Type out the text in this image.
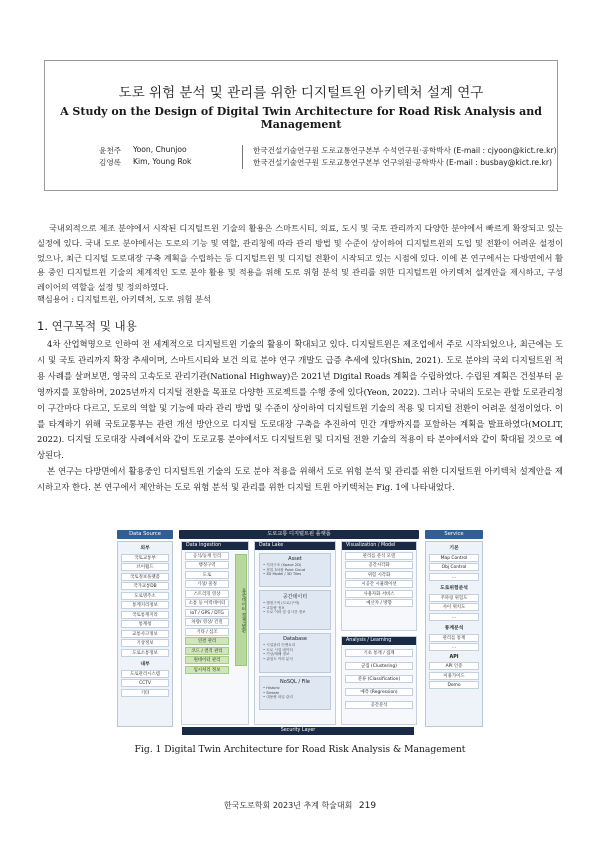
도로 위험 분석 및 관리를 위한 디지털트윈 아키텍처 설계 연구
A Study on the Design of Digital Twin Architecture for Road Risk Analysis and Management
윤천주	Yoon, Chunjoo	한국건설기술연구원 도로교통연구본부 수석연구원·공학박사 (E-mail : cjyoon@kict.re.kr)
김영록	Kim, Young Rok	한국건설기술연구원 도로교통연구본부 연구위원·공학박사 (E-mail : busbay@kict.re.kr)

국내외적으로 제조 분야에서 시작된 디지털트윈 기술의 활용은 스마트시티, 의료, 도시 및 국토 관리까지 다양한 분야에서 빠르게 확장되고 있는 실정에 있다. 국내 도로 분야에서는 도로의 기능 및 역할, 관리청에 따라 관리 방법 및 수준이 상이하여 디지털트윈의 도입 및 전환이 어려운 설정이었으나, 최근 디지털 도로대장 구축 계획을 수립하는 등 디지털트윈 및 디지털 전환이 시작되고 있는 시점에 있다. 이에 본 연구에서는 다방면에서 활용 중인 디지털트윈 기술의 체계적인 도로 분야 활용 및 적용을 위해 도로 위험 분석 및 관리를 위한 디지털트윈 아키텍처 설계안을 제시하고, 구성 레이어의 역할을 설정 및 정의하였다.

핵심용어 : 디지털트윈, 아키텍처, 도로 위험 분석
1. 연구목적 및 내용

4차 산업혁명으로 인하여 전 세계적으로 디지털트윈 기술의 활용이 확대되고 있다. 디지털트윈은 제조업에서 주로 시작되었으나, 최근에는 도시 및 국토 관리까지 확장 추세이며, 스마트시티와 보건 의료 분야 연구 개발도 급증 추세에 있다(Shin, 2021). 도로 분야의 국외 디지털트윈 적용 사례를 살펴보면, 영국의 고속도로 관리기관(National Highway)은 2021년 Digital Roads 계획을 수립하였다. 수립된 계획은 건설부터 운영까지를 포함하며, 2025년까지 디지털 전환을 목표로 다양한 프로젝트를 수행 중에 있다(Yeon, 2022). 그러나 국내의 도로는 관할 도로관리청이 구간마다 다르고, 도로의 역할 및 기능에 따라 관리 방법 및 수준이 상이하여 디지털트윈 기술의 적용 및 디지털 전환이 어려운 설정이었다. 이를 타계하기 위해 국토교통부는 관련 개선 방안으로 디지털 도로대장 구축을 추진하여 민간 개방까지를 포함하는 계획을 발표하였다(MOLIT, 2022). 디지털 도로대장 사례에서와 같이 도로교통 분야에서도 디지털트윈 및 디지털 전환 기술의 적용이 타 분야에서와 같이 확대될 것으로 예상된다.

본 연구는 다방면에서 활용중인 디지털트윈 기술의 도로 분야 적용을 위해서 도로 위험 분석 및 관리를 위한 디지털트윈 아키텍처 설계안을 제시하고자 한다. 본 연구에서 제안하는 도로 위험 분석 및 관리를 위한 디지털 트윈 아키텍처는 Fig. 1에 나타내었다.

Data Source
외부
국토교통부
브이월드
국토정보플랫폼
국가교통DB
도로명주소
통계지리정보
국토통계지리
통계청
교통사고정보
기상정보
도로소통정보
내부
도로관리시스템
CCTV
기타
도로교통 디지털트윈 플랫폼
Data Ingestion
공식/등재 인리
행정구역
도로
기상/ 물정
스트리밍 영상
소통 등 이력데이터
IoT / GPS / DTG
차량/ 영상/ 건질
기타 / 심조
연결 관리
코드 / 결격 관리
원데이터 관리
임시처리 정보
표준데이터 정제/변환
Data Lake
Asset
• 지하구조 (Space 2D)
• 정밀 3차원 Point Cloud
• 3D Model / 3D Tiles
공간데이터
• 행정구역 (도로/구역)
• 교통량 정보
• 도로 이력 및 실시간 정보
Database
• 시설관리 인벤토리
• 도로 시설 데이터
• 기상/재해 정보
• 위험도 이력 분석
NoSQL / File
• Historic
• Stream
• 대용량 파일 관리
Visualization / Model
관리를 분석 모델
공간시각화
위험 시각화
시공간 시뮬레이션
사용자화 서비스
예산자 / 방향
Analysis / Learning
기초 통계 / 집계
군집 (Clustering)
분류 (Classification)
예측 (Regression)
공간분석
Service
기본
Map Control
Obj Control
...
도로위험분석
주파링 위험도
사이 위치도
...
통계분석
관리를 통계
...
API
API 인증
이용가이드
Demo
Security Layer
Fig. 1 Digital Twin Architecture for Road Risk Analysis & Management
한국도로학회 2023년 추계 학술대회 219
